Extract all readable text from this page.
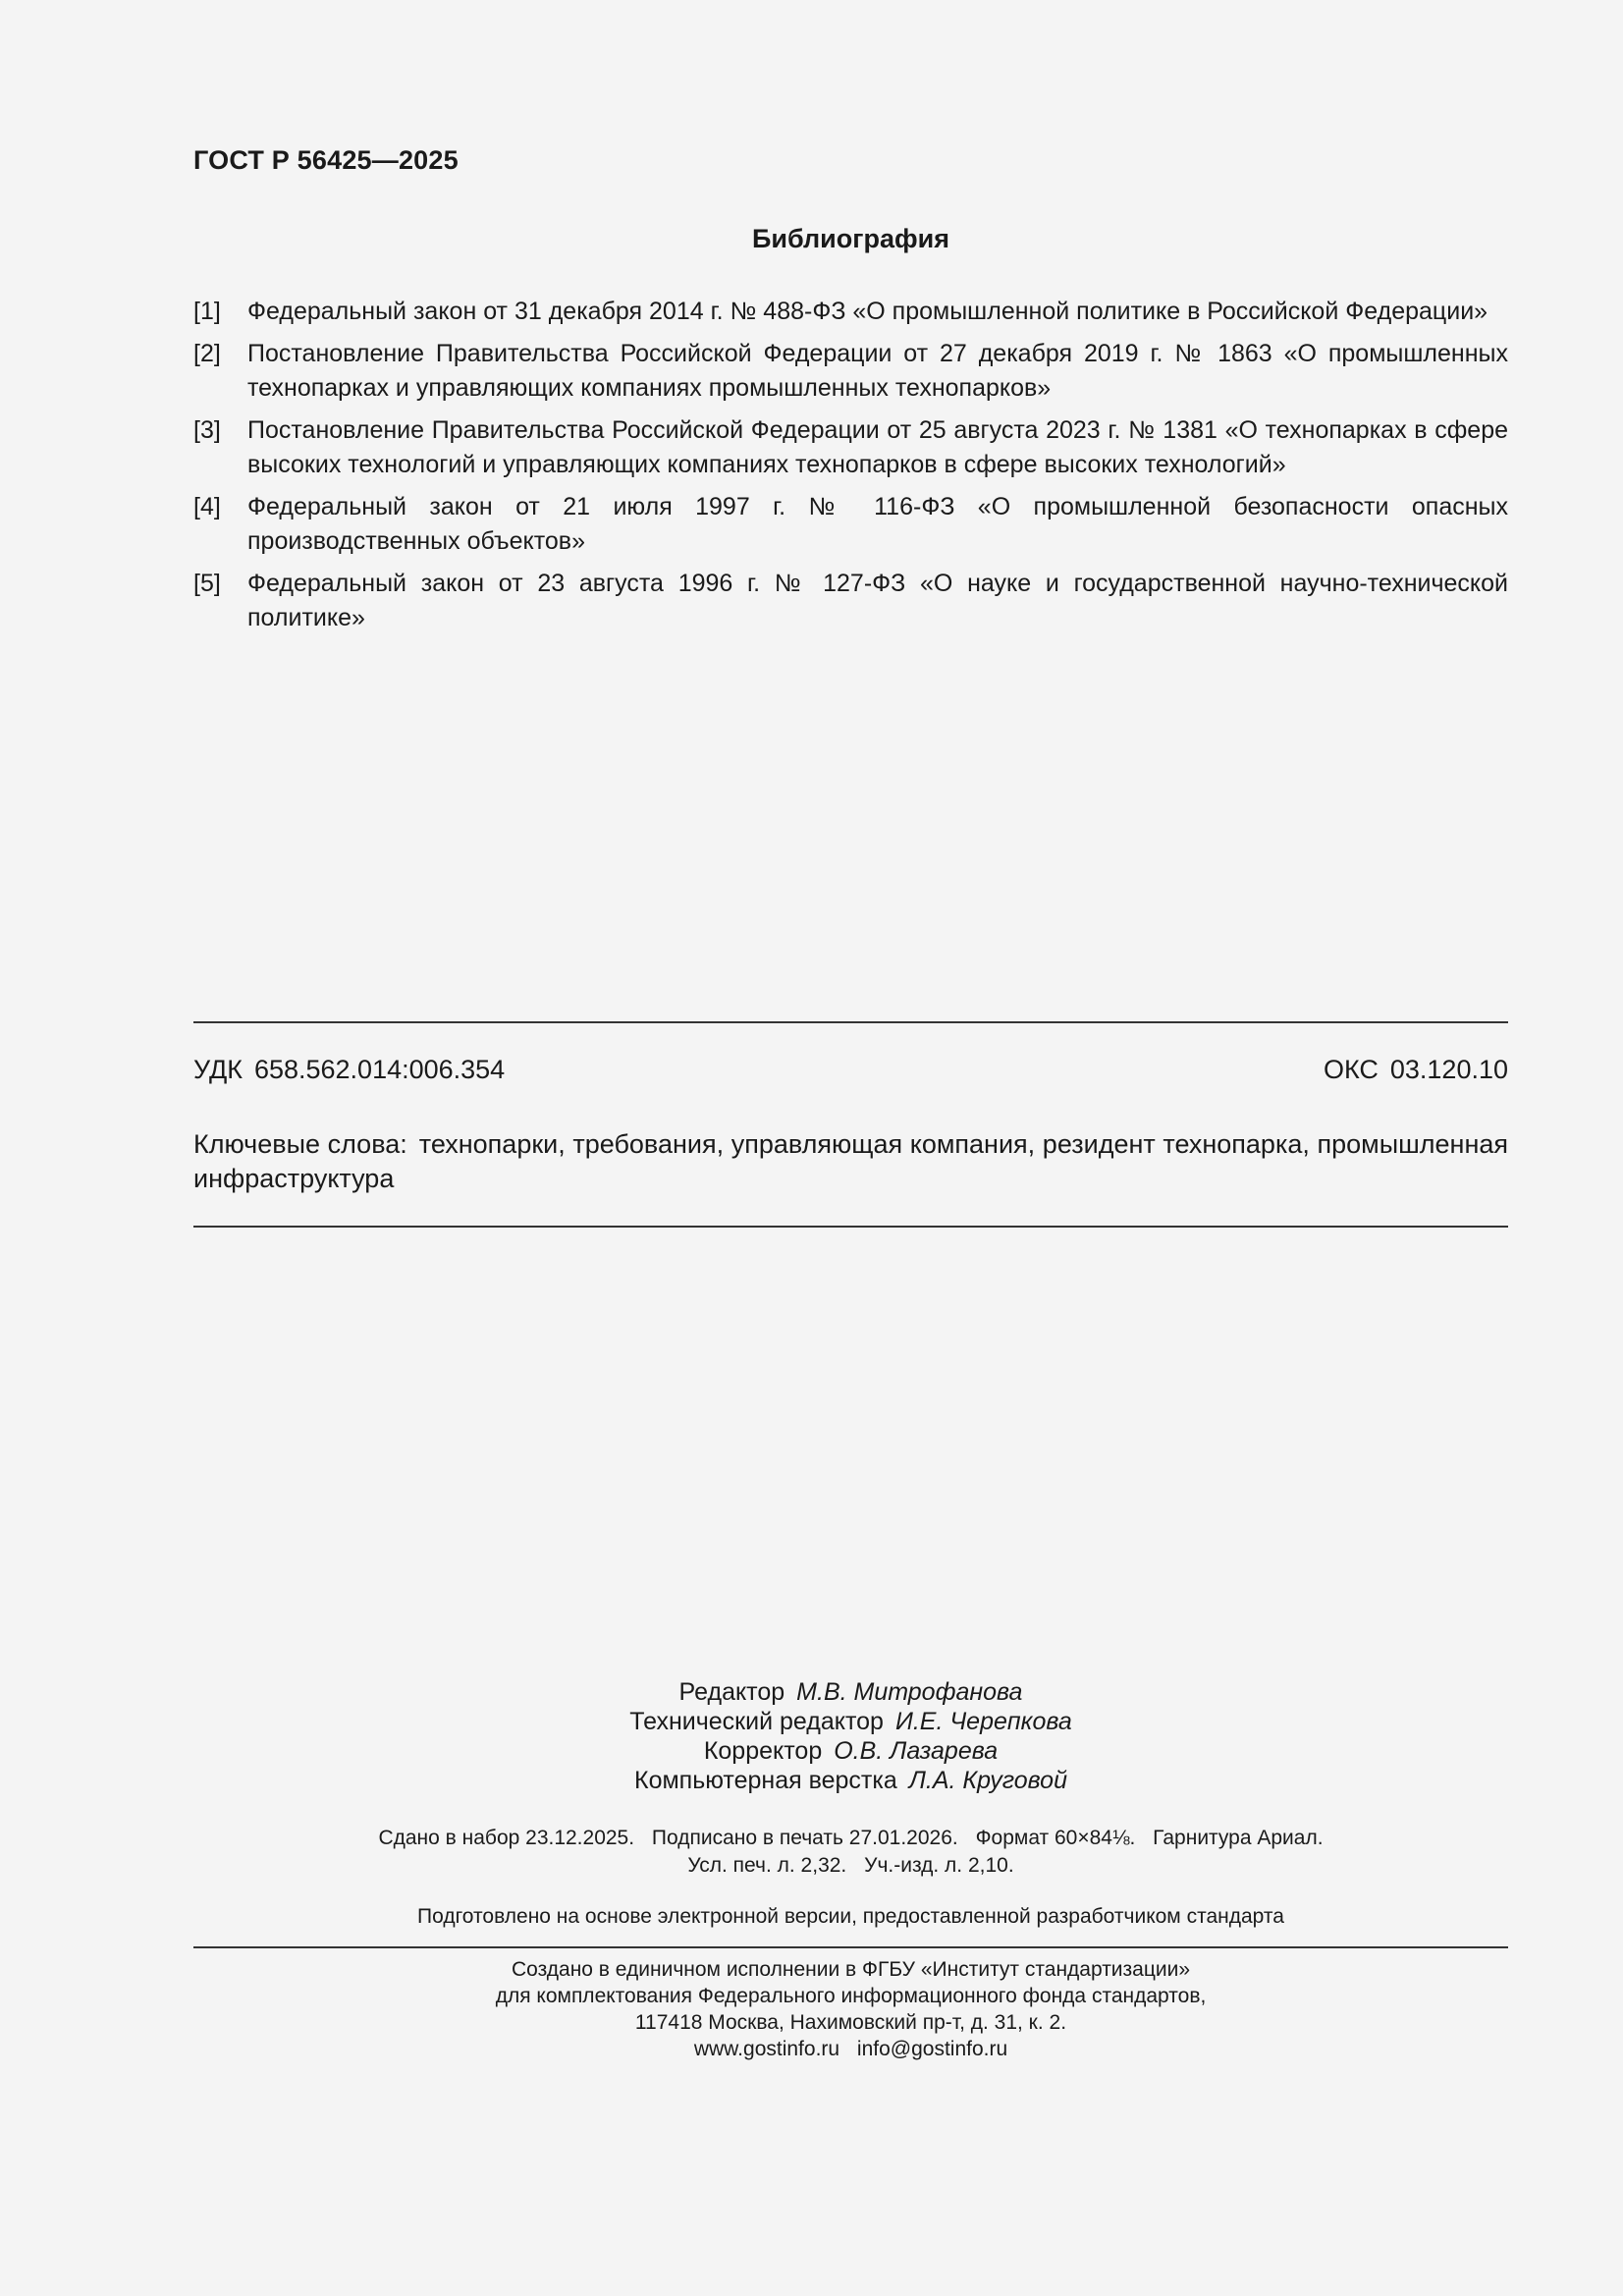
ГОСТ Р 56425—2025
Библиография
[1]	Федеральный закон от 31 декабря 2014 г. № 488-ФЗ «О промышленной политике в Российской Федерации»
[2]	Постановление Правительства Российской Федерации от 27 декабря 2019 г. № 1863 «О промышленных технопарках и управляющих компаниях промышленных технопарков»
[3]	Постановление Правительства Российской Федерации от 25 августа 2023 г. № 1381 «О технопарках в сфере высоких технологий и управляющих компаниях технопарков в сфере высоких технологий»
[4]	Федеральный закон от 21 июля 1997 г. № 116-ФЗ «О промышленной безопасности опасных производственных объектов»
[5]	Федеральный закон от 23 августа 1996 г. № 127-ФЗ «О науке и государственной научно-технической политике»
УДК 658.562.014:006.354	ОКС 03.120.10
Ключевые слова: технопарки, требования, управляющая компания, резидент технопарка, промышленная инфраструктура
Редактор М.В. Митрофанова
Технический редактор И.Е. Черепкова
Корректор О.В. Лазарева
Компьютерная верстка Л.А. Круговой
Сдано в набор 23.12.2025. Подписано в печать 27.01.2026. Формат 60×84⅛. Гарнитура Ариал.
Усл. печ. л. 2,32. Уч.-изд. л. 2,10.
Подготовлено на основе электронной версии, предоставленной разработчиком стандарта
Создано в единичном исполнении в ФГБУ «Институт стандартизации»
для комплектования Федерального информационного фонда стандартов,
117418 Москва, Нахимовский пр-т, д. 31, к. 2.
www.gostinfo.ru info@gostinfo.ru
